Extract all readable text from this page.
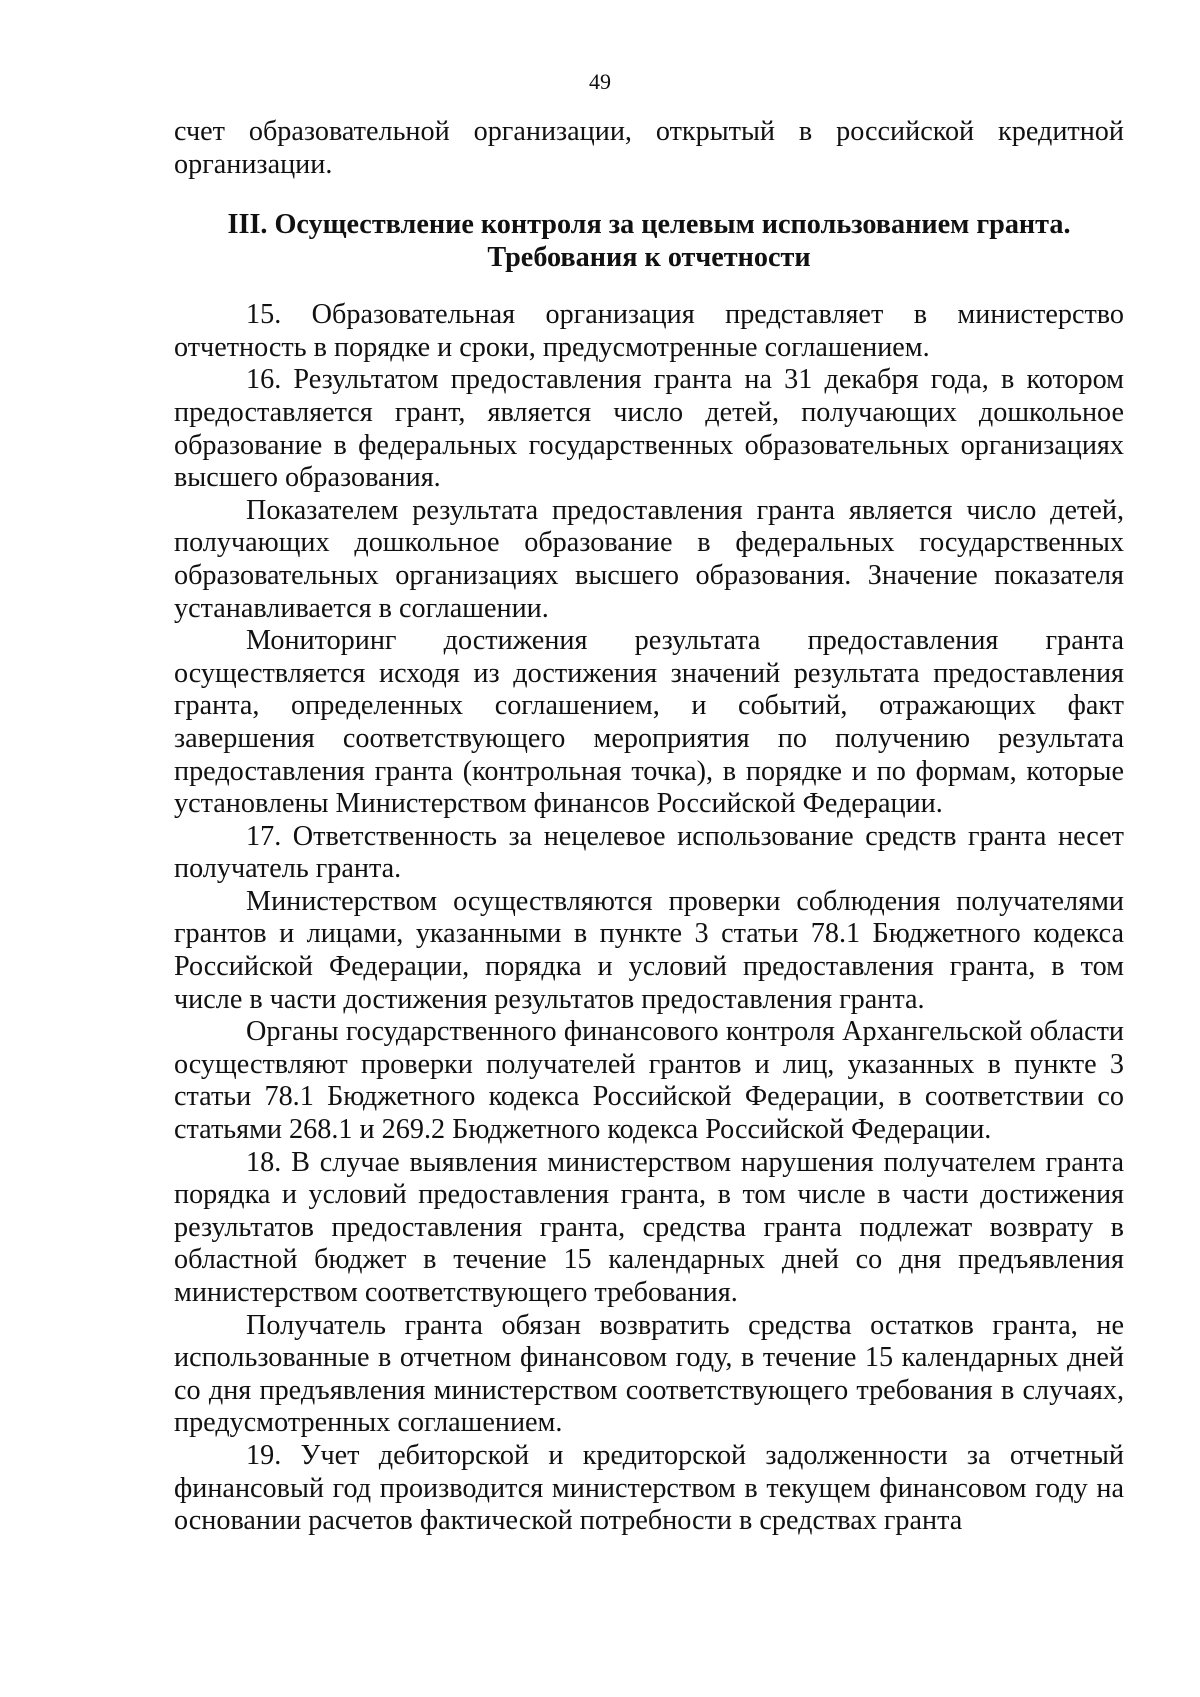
49

счет образовательной организации, открытый в российской кредитной организации.

III. Осуществление контроля за целевым использованием гранта.
Требования к отчетности

15. Образовательная организация представляет в министерство отчетность в порядке и сроки, предусмотренные соглашением.

16. Результатом предоставления гранта на 31 декабря года, в котором предоставляется грант, является число детей, получающих дошкольное образование в федеральных государственных образовательных организациях высшего образования.

Показателем результата предоставления гранта является число детей, получающих дошкольное образование в федеральных государственных образовательных организациях высшего образования. Значение показателя устанавливается в соглашении.

Мониторинг достижения результата предоставления гранта осуществляется исходя из достижения значений результата предоставления гранта, определенных соглашением, и событий, отражающих факт завершения соответствующего мероприятия по получению результата предоставления гранта (контрольная точка), в порядке и по формам, которые установлены Министерством финансов Российской Федерации.

17. Ответственность за нецелевое использование средств гранта несет получатель гранта.

Министерством осуществляются проверки соблюдения получателями грантов и лицами, указанными в пункте 3 статьи 78.1 Бюджетного кодекса Российской Федерации, порядка и условий предоставления гранта, в том числе в части достижения результатов предоставления гранта.

Органы государственного финансового контроля Архангельской области осуществляют проверки получателей грантов и лиц, указанных в пункте 3 статьи 78.1 Бюджетного кодекса Российской Федерации, в соответствии со статьями 268.1 и 269.2 Бюджетного кодекса Российской Федерации.

18. В случае выявления министерством нарушения получателем гранта порядка и условий предоставления гранта, в том числе в части достижения результатов предоставления гранта, средства гранта подлежат возврату в областной бюджет в течение 15 календарных дней со дня предъявления министерством соответствующего требования.

Получатель гранта обязан возвратить средства остатков гранта, не использованные в отчетном финансовом году, в течение 15 календарных дней со дня предъявления министерством соответствующего требования в случаях, предусмотренных соглашением.

19. Учет дебиторской и кредиторской задолженности за отчетный финансовый год производится министерством в текущем финансовом году на основании расчетов фактической потребности в средствах гранта
